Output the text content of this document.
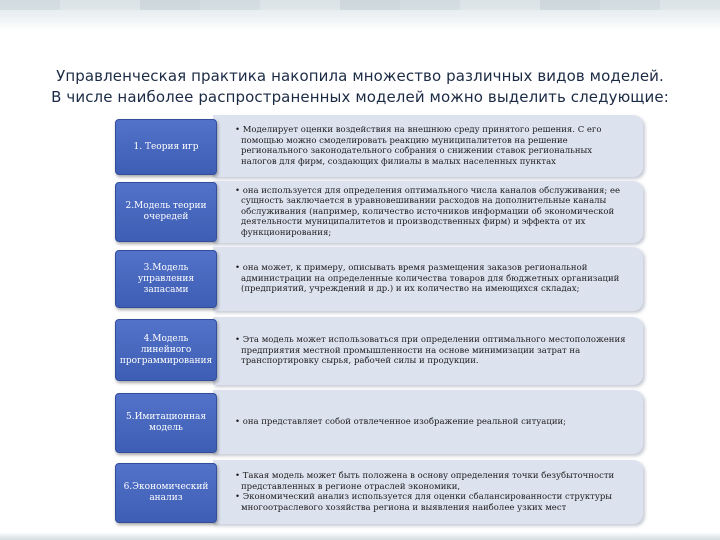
Управленческая практика накопила множество различных видов моделей.
В числе наиболее распространенных моделей можно выделить следующие:

• Моделирует оценки воздействия на внешнюю среду принятого решения. С его помощью можно смоделировать реакцию муниципалитетов на решение регионального законодательного собрания о снижении ставок региональных налогов для фирм, создающих филиалы в малых населенных пунктах

1. Теория игр

• она используется для определения оптимального числа каналов обслуживания; ее сущность заключается в уравновешивании расходов на дополнительные каналы обслуживания (например, количество источников информации об экономической деятельности муниципалитетов и производственных фирм) и эффекта от их функционирования;

2.Модель теории очередей

• она может, к примеру, описывать время размещения заказов региональной администрации на определенные количества товаров для бюджетных организаций (предприятий, учреждений и др.) и их количество на имеющихся складах;

3.Модель управления запасами

• Эта модель может использоваться при определении оптимального местоположения предприятия местной промышленности на основе минимизации затрат на транспортировку сырья, рабочей силы и продукции.

4.Модель линейного программирования

• она представляет собой отвлеченное изображение реальной ситуации;

5.Имитационная модель

• Такая модель может быть положена в основу определения точки безубыточности представленных в регионе отраслей экономики,

• Экономический анализ используется для оценки сбалансированности структуры многоотраслевого хозяйства региона и выявления наиболее узких мест

6.Экономический анализ
